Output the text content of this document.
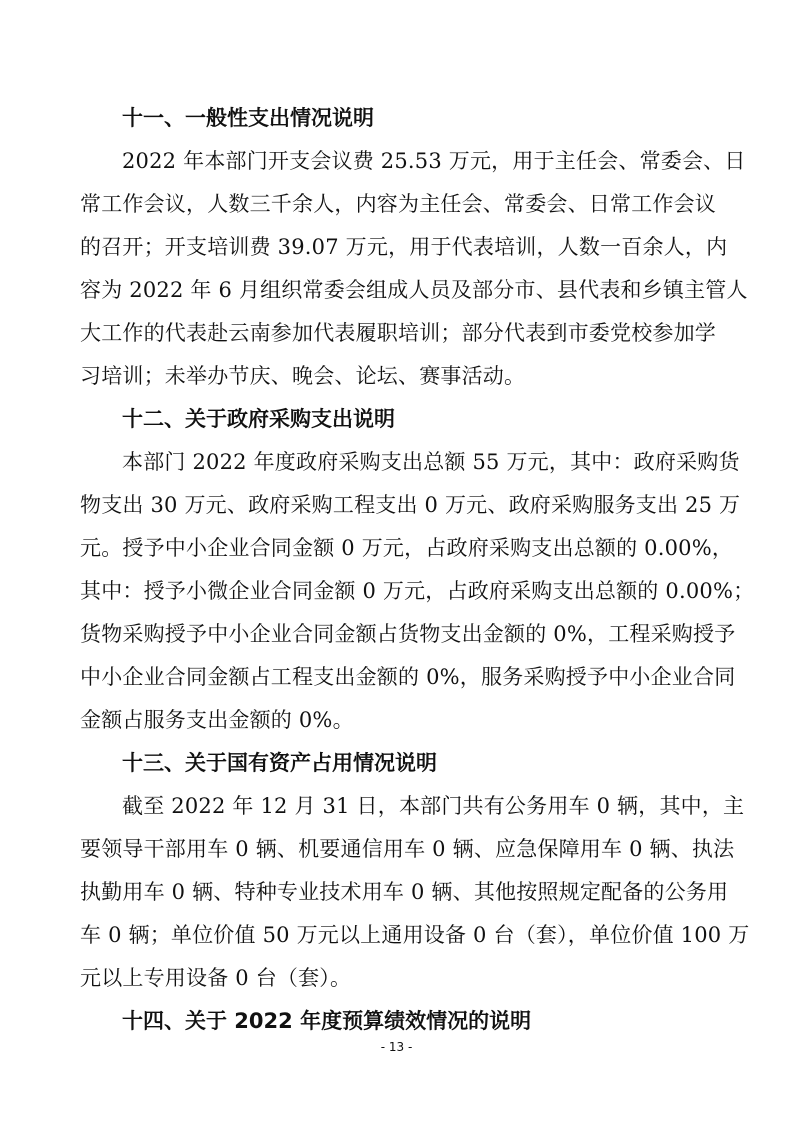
十一、一般性支出情况说明
2022 年本部门开支会议费 25.53 万元，用于主任会、常委会、日
常工作会议，人数三千余人，内容为主任会、常委会、日常工作会议
的召开；开支培训费 39.07 万元，用于代表培训，人数一百余人，内
容为 2022 年 6 月组织常委会组成人员及部分市、县代表和乡镇主管人
大工作的代表赴云南参加代表履职培训；部分代表到市委党校参加学
习培训；未举办节庆、晚会、论坛、赛事活动。
十二、关于政府采购支出说明
本部门 2022 年度政府采购支出总额 55 万元，其中：政府采购货
物支出 30 万元、政府采购工程支出 0 万元、政府采购服务支出 25 万
元。授予中小企业合同金额 0 万元，占政府采购支出总额的 0.00%，
其中：授予小微企业合同金额 0 万元，占政府采购支出总额的 0.00%；
货物采购授予中小企业合同金额占货物支出金额的 0%，工程采购授予
中小企业合同金额占工程支出金额的 0%，服务采购授予中小企业合同
金额占服务支出金额的 0%。
十三、关于国有资产占用情况说明
截至 2022 年 12 月 31 日，本部门共有公务用车 0 辆，其中，主
要领导干部用车 0 辆、机要通信用车 0 辆、应急保障用车 0 辆、执法
执勤用车 0 辆、特种专业技术用车 0 辆、其他按照规定配备的公务用
车 0 辆；单位价值 50 万元以上通用设备 0 台（套），单位价值 100 万
元以上专用设备 0 台（套）。
十四、关于 2022 年度预算绩效情况的说明
- 13 -
